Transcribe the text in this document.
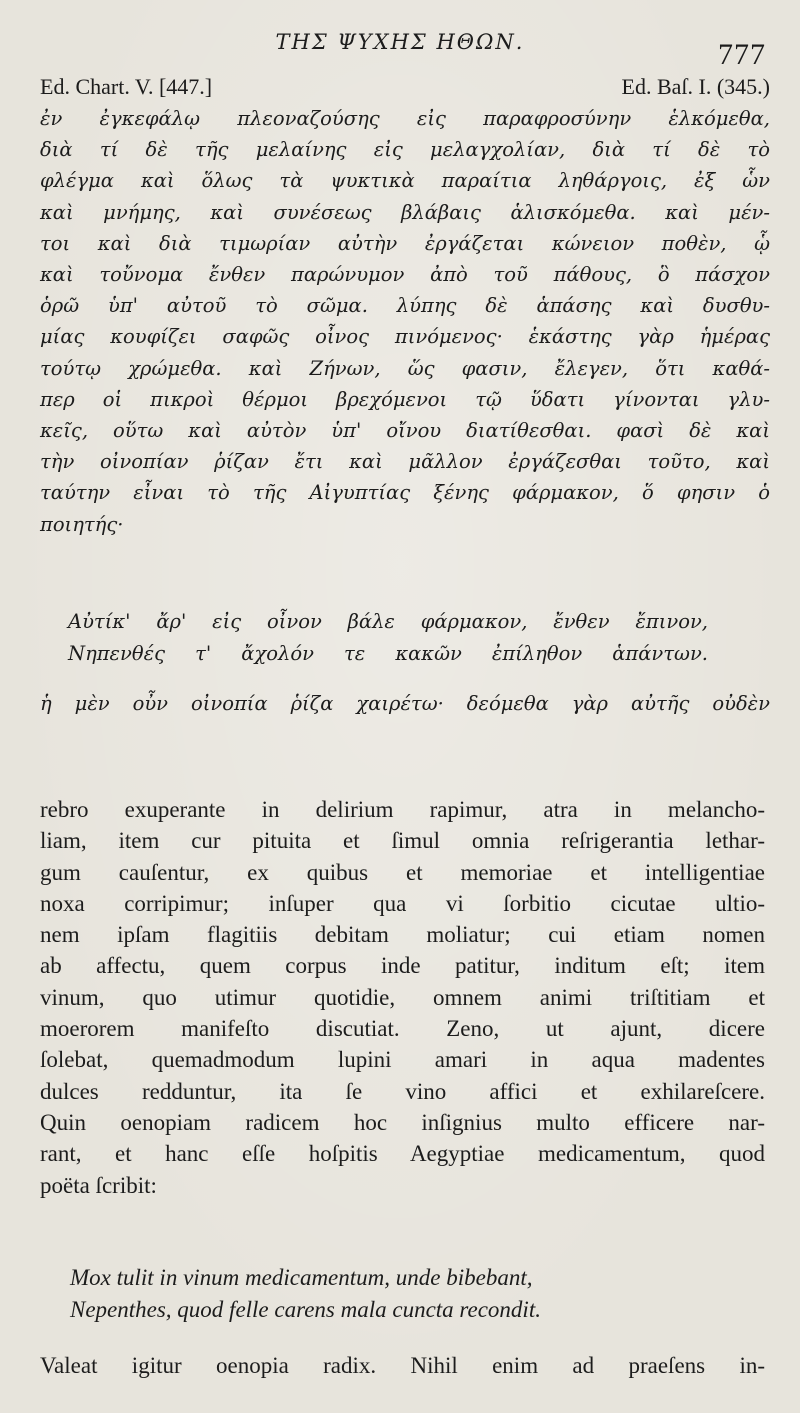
ΤΗΣ ΨΥΧΗΣ ΗΘΩΝ.	777
Ed. Chart. V. [447.]	Ed. Baſ. I. (345.)
ἐν ἐγκεφάλῳ πλεοναζούσης εἰς παραφροσύνην ἑλκόμεθα,
διὰ τί δὲ τῆς μελαίνης εἰς μελαγχολίαν, διὰ τί δὲ τὸ
φλέγμα καὶ ὅλως τὰ ψυκτικὰ παραίτια ληθάργοις, ἐξ ὧν
καὶ μνήμης, καὶ συνέσεως βλάβαις ἁλισκόμεθα. καὶ μέν-
τοι καὶ διὰ τιμωρίαν αὐτὴν ἐργάζεται κώνειον ποθὲν, ᾧ
καὶ τοὔνομα ἔνθεν παρώνυμον ἀπὸ τοῦ πάθους, ὃ πάσχον
ὁρῶ ὑπ' αὐτοῦ τὸ σῶμα. λύπης δὲ ἁπάσης καὶ δυσθυ-
μίας κουφίζει σαφῶς οἶνος πινόμενος· ἑκάστης γὰρ ἡμέρας
τούτῳ χρώμεθα. καὶ Ζήνων, ὥς φασιν, ἔλεγεν, ὅτι καθά-
περ οἱ πικροὶ θέρμοι βρεχόμενοι τῷ ὕδατι γίνονται γλυ-
κεῖς, οὕτω καὶ αὐτὸν ὑπ' οἴνου διατίθεσθαι. φασὶ δὲ καὶ
τὴν οἰνοπίαν ῥίζαν ἔτι καὶ μᾶλλον ἐργάζεσθαι τοῦτο, καὶ
ταύτην εἶναι τὸ τῆς Αἰγυπτίας ξένης φάρμακον, ὅ φησιν ὁ
ποιητής·
Αὐτίκ' ἄρ' εἰς οἶνον βάλε φάρμακον, ἔνθεν ἔπινον,
Νηπενθές τ' ἄχολόν τε κακῶν ἐπίληθον ἁπάντων.
ἡ μὲν οὖν οἰνοπία ῥίζα χαιρέτω· δεόμεθα γὰρ αὐτῆς οὐδὲν
rebro exuperante in delirium rapimur, atra in melancho-
liam, item cur pituita et ſimul omnia reſrigerantia lethar-
gum cauſentur, ex quibus et memoriae et intelligentiae
noxa corripimur; inſuper qua vi ſorbitio cicutae ultio-
nem ipſam flagitiis debitam moliatur; cui etiam nomen
ab affectu, quem corpus inde patitur, inditum eſt; item
vinum, quo utimur quotidie, omnem animi triſtitiam et
moerorem manifeſto discutiat. Zeno, ut ajunt, dicere
ſolebat, quemadmodum lupini amari in aqua madentes
dulces redduntur, ita ſe vino affici et exhilareſcere.
Quin oenopiam radicem hoc inſignius multo efficere nar-
rant, et hanc eſſe hoſpitis Aegyptiae medicamentum, quod
poëta ſcribit:
Mox tulit in vinum medicamentum, unde bibebant,
Nepenthes, quod felle carens mala cuncta recondit.
Valeat igitur oenopia radix. Nihil enim ad praeſens in-
